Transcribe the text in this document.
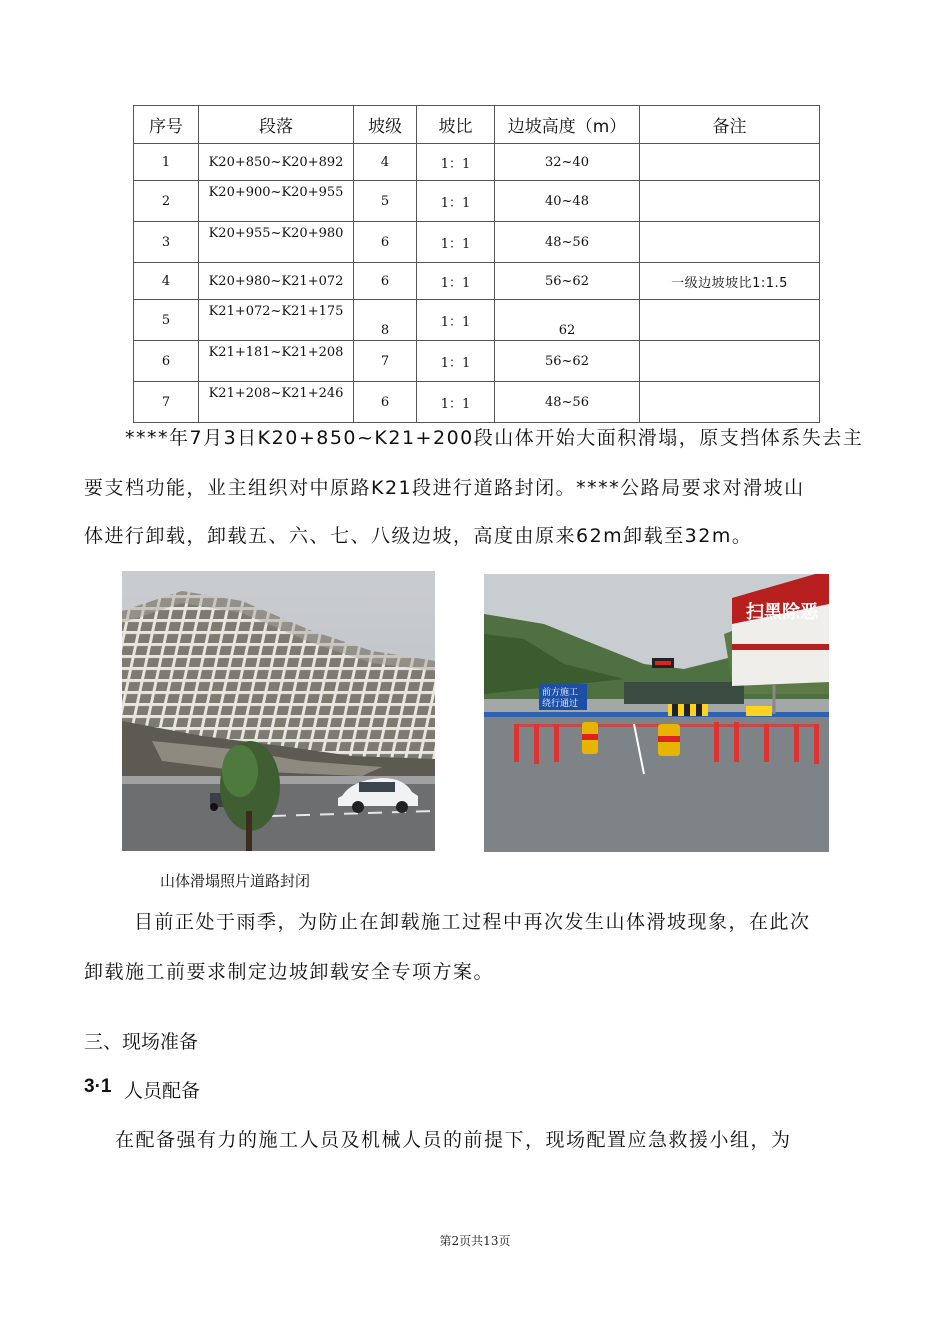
序号	段落	坡级	坡比	边坡高度（m）	备注
1	K20+850~K20+892	4	1：1	32~40	
2	K20+900~K20+955	5	1：1	40~48	
3	K20+955~K20+980	6	1：1	48~56	
4	K20+980~K21+072	6	1：1	56~62	一级边坡坡比1:1.5
5	K21+072~K21+175	8	1：1	62	
6	K21+181~K21+208	7	1：1	56~62	
7	K21+208~K21+246	6	1：1	48~56	
****年7月3日K20+850~K21+200段山体开始大面积滑塌，原支挡体系失去主
要支档功能，业主组织对中原路K21段进行道路封闭。****公路局要求对滑坡山
体进行卸载，卸载五、六、七、八级边坡，高度由原来62m卸载至32m。
扫黑除恶
前方施工
绕行通过
山体滑塌照片道路封闭
目前正处于雨季，为防止在卸载施工过程中再次发生山体滑坡现象，在此次
卸载施工前要求制定边坡卸载安全专项方案。
三、现场准备
3·1 人员配备
在配备强有力的施工人员及机械人员的前提下，现场配置应急救援小组，为
第2页共13页
